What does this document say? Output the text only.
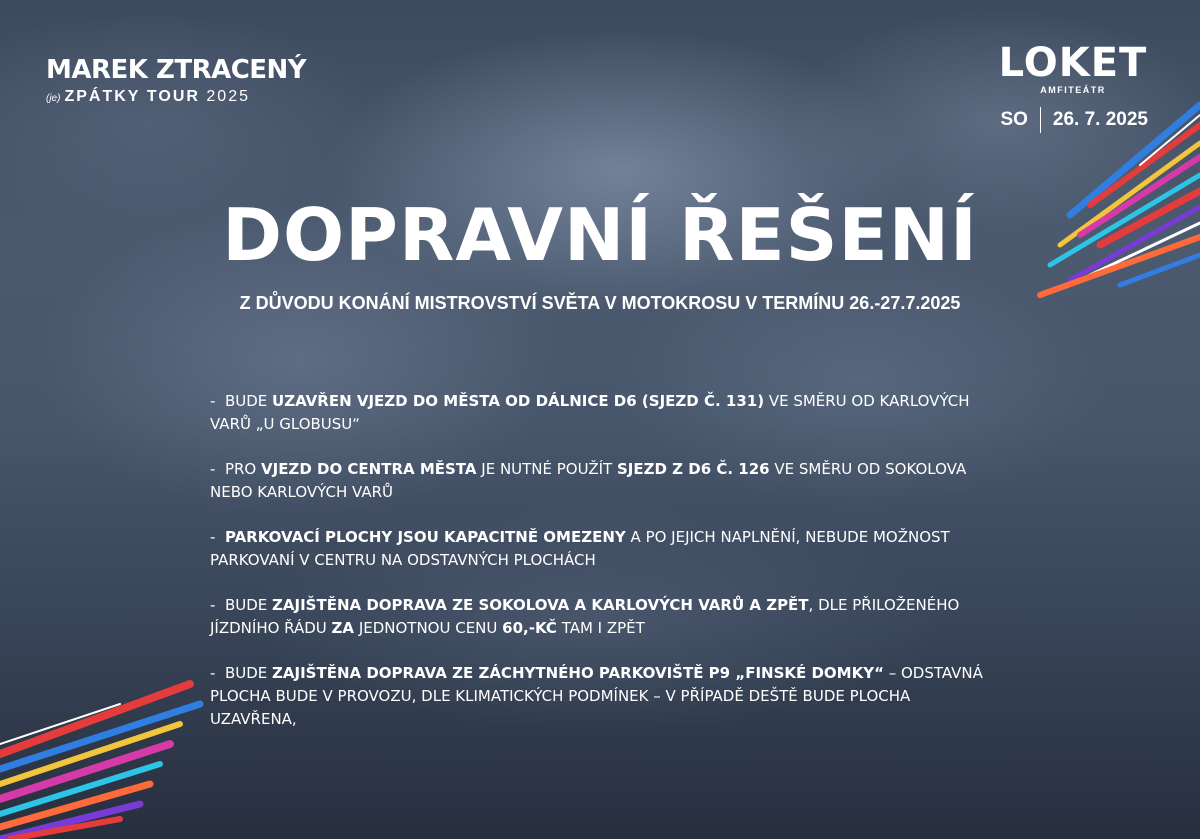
MAREK ZTRACENÝ
(je) ZPÁTKY TOUR 2025
LOKET
AMFITEÁTR
SO 26. 7. 2025
DOPRAVNÍ ŘEŠENÍ
Z DŮVODU KONÁNÍ MISTROVSTVÍ SVĚTA V MOTOKROSU V TERMÍNU 26.-27.7.2025
-  BUDE UZAVŘEN VJEZD DO MĚSTA OD DÁLNICE D6 (SJEZD Č. 131) VE SMĚRU OD KARLOVÝCH VARŮ „U GLOBUSU“
-  PRO VJEZD DO CENTRA MĚSTA JE NUTNÉ POUŽÍT SJEZD Z D6 Č. 126 VE SMĚRU OD SOKOLOVA NEBO KARLOVÝCH VARŮ
-  PARKOVACÍ PLOCHY JSOU KAPACITNĚ OMEZENY A PO JEJICH NAPLNĚNÍ, NEBUDE MOŽNOST PARKOVANÍ V CENTRU NA ODSTAVNÝCH PLOCHÁCH
-  BUDE ZAJIŠTĚNA DOPRAVA ZE SOKOLOVA A KARLOVÝCH VARŮ A ZPĚT, DLE PŘILOŽENÉHO JÍZDNÍHO ŘÁDU ZA JEDNOTNOU CENU 60,-KČ TAM I ZPĚT
-  BUDE ZAJIŠTĚNA DOPRAVA ZE ZÁCHYTNÉHO PARKOVIŠTĚ P9 „FINSKÉ DOMKY“ – ODSTAVNÁ PLOCHA BUDE V PROVOZU, DLE KLIMATICKÝCH PODMÍNEK – V PŘÍPADĚ DEŠTĚ BUDE PLOCHA UZAVŘENA,
